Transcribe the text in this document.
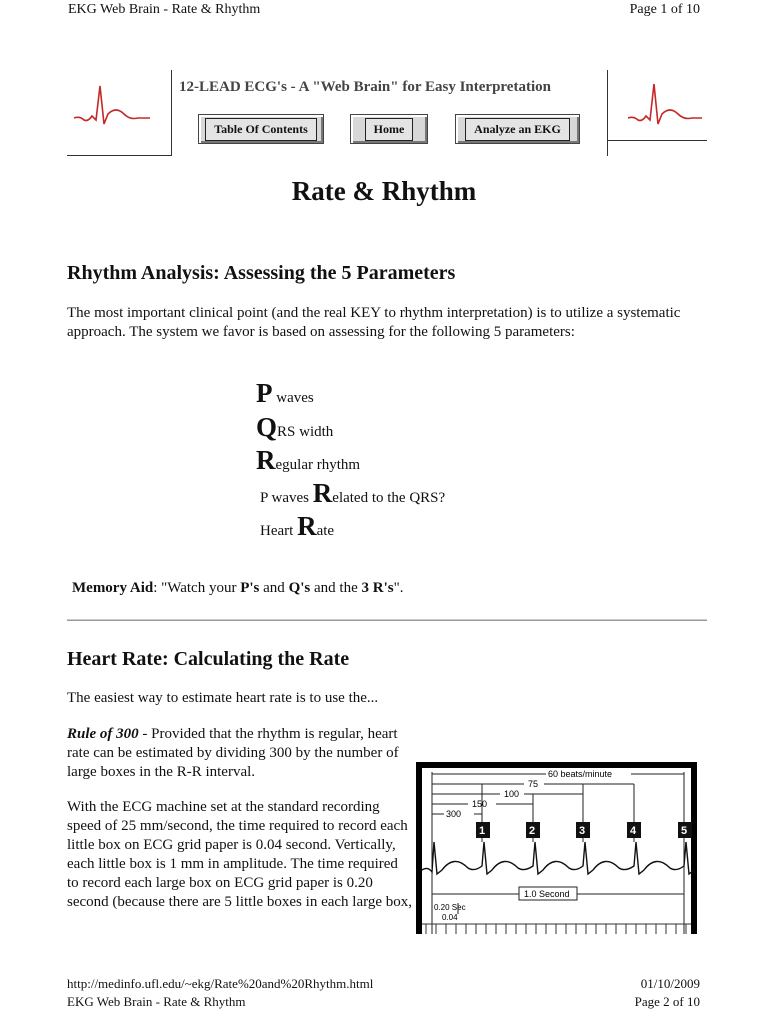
EKG Web Brain - Rate & Rhythm	Page 1 of 10
12-LEAD ECG's - A "Web Brain" for Easy Interpretation
Table Of Contents	Home	Analyze an EKG
Rate & Rhythm
Rhythm Analysis: Assessing the 5 Parameters
The most important clinical point (and the real KEY to rhythm interpretation) is to utilize a systematic approach. The system we favor is based on assessing for the following 5 parameters:
P waves
QRS width
Regular rhythm
P waves Related to the QRS?
Heart Rate
Memory Aid: "Watch your P's and Q's and the 3 R's".
Heart Rate: Calculating the Rate
The easiest way to estimate heart rate is to use the...
Rule of 300 - Provided that the rhythm is regular, heart rate can be estimated by dividing 300 by the number of large boxes in the R-R interval.
With the ECG machine set at the standard recording speed of 25 mm/second, the time required to record each little box on ECG grid paper is 0.04 second. Vertically, each little box is 1 mm in amplitude. The time required to record each large box on ECG grid paper is 0.20 second (because there are 5 little boxes in each large box,
60 beats/minute
75
100
150
300
1	2	3	4	5
1.0 Second
0.20 Sec
0.04
http://medinfo.ufl.edu/~ekg/Rate%20and%20Rhythm.html	01/10/2009
EKG Web Brain - Rate & Rhythm	Page 2 of 10
